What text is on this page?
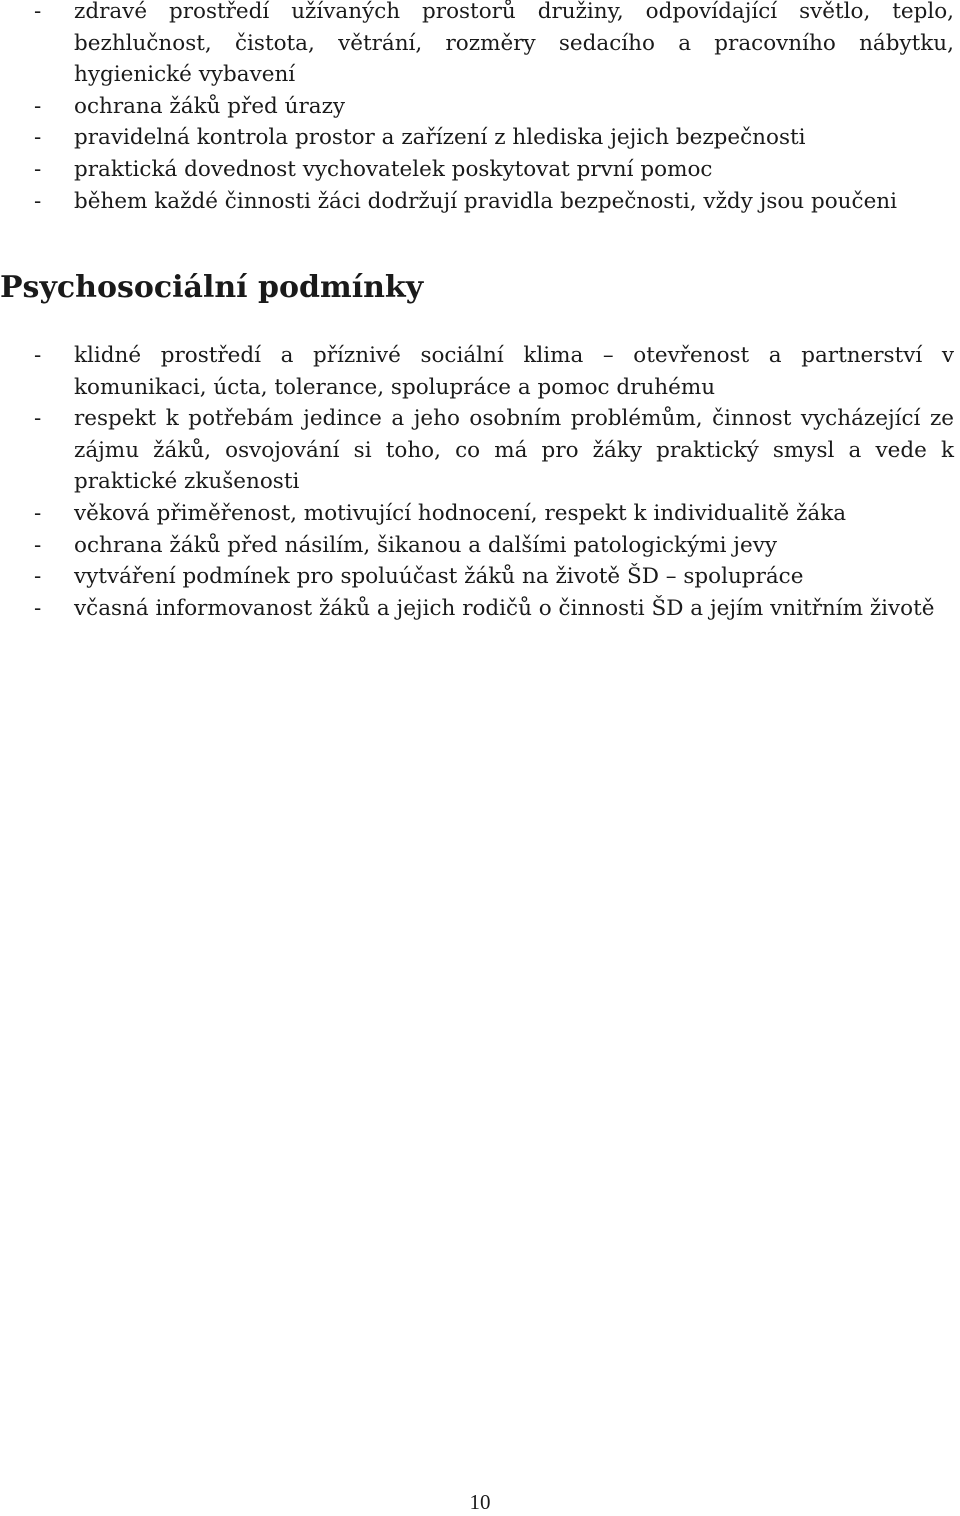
- zdravé prostředí užívaných prostorů družiny, odpovídající světlo, teplo, bezhlučnost, čistota, větrání, rozměry sedacího a pracovního nábytku, hygienické vybavení
- ochrana žáků před úrazy
- pravidelná kontrola prostor a zařízení z hlediska jejich bezpečnosti
- praktická dovednost vychovatelek poskytovat první pomoc
- během každé činnosti žáci dodržují pravidla bezpečnosti, vždy jsou poučeni
Psychosociální podmínky
- klidné prostředí a příznivé sociální klima – otevřenost a partnerství v komunikaci, úcta, tolerance, spolupráce a pomoc druhému
- respekt k potřebám jedince a jeho osobním problémům, činnost vycházející ze zájmu žáků, osvojování si toho, co má pro žáky praktický smysl a vede k praktické zkušenosti
- věková přiměřenost, motivující hodnocení, respekt k individualitě žáka
- ochrana žáků před násilím, šikanou a dalšími patologickými jevy
- vytváření podmínek pro spoluúčast žáků na životě ŠD – spolupráce
- včasná informovanost žáků a jejich rodičů o činnosti ŠD a jejím vnitřním životě
10
